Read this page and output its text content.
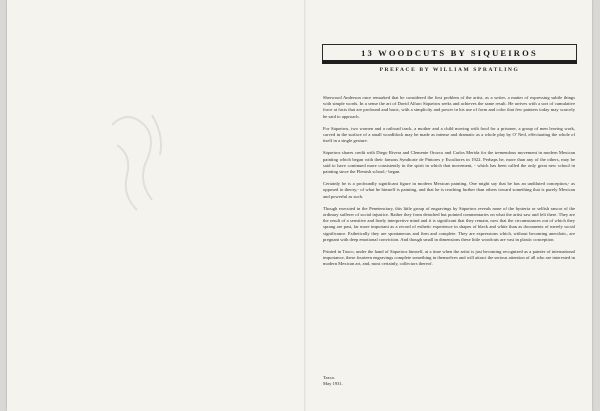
13 WOODCUTS BY SIQUEIROS
PREFACE BY WILLIAM SPRATLING

Sherwood Anderson once remarked that he considered the first problem of the artist, as a writer, a matter of expressing subtle things with simple words. In a sense the art of David Alfaro Siqueiros seeks and achieves the same result. He arrives with a sort of cumulative force at facts that are profound and basic, with a simplicity and power in his use of form and color that few painters today may scarcely be said to approach.

For Siqueiros, two women and a railroad track, a mother and a child moving with food for a prisoner, a group of men leaving work, carved in the surface of a small woodblock may be made as intense and dramatic as a whole play by O' Neil, effectuating the whole of itself in a single gesture.

Siqueiros shares credit with Diego Rivera and Clemente Orozco and Carlos Merida for the tremendous movement in modern Mexican painting which began with their famous Syndicate de Pintores y Escultores in 1922. Perhaps he, more than any of the others, may be said to have continued more consistently in the spirit in which that movement, - which has been called the only great new school in painting since the Flemish school,- began.

Certainly he is a profoundly significant figure in modern Mexican painting. One might say that he has an undiluted conception,- as opposed to theory,- of what he himself is painting, and that he is reaching further than others toward something that is purely Mexican and powerful as such.

Though executed in the Penetenciary, this little group of engravings by Siqueiros reveals none of the hysteria or selfish rancor of the ordinary sufferer of social injustice. Rather they form detached but pointed commentaries on what the artist saw and felt there. They are the result of a sensitive and finely interpretive mind and it is significant that they remain, now that the circumstances out of which they sprang are past, far more important as a record of esthetic experience in shapes of black and white than as documents of merely social significance. Esthetically they are spontaneous and firm and complete. They are expressions which, without becoming anecdotic, are pregnant with deep emotional conviction. And though small in dimensions these little woodcuts are vast in plastic conception.

Printed in Taxco, under the hand of Siqueiros himself, at a time when the artist is just becoming recognized as a painter of international importance, these fourteen engravings complete something in themselves and will attract the serious attention of all who are interested in modern Mexican art, and, most certainly, collectors thereof.

Taxco.
May 1931.
